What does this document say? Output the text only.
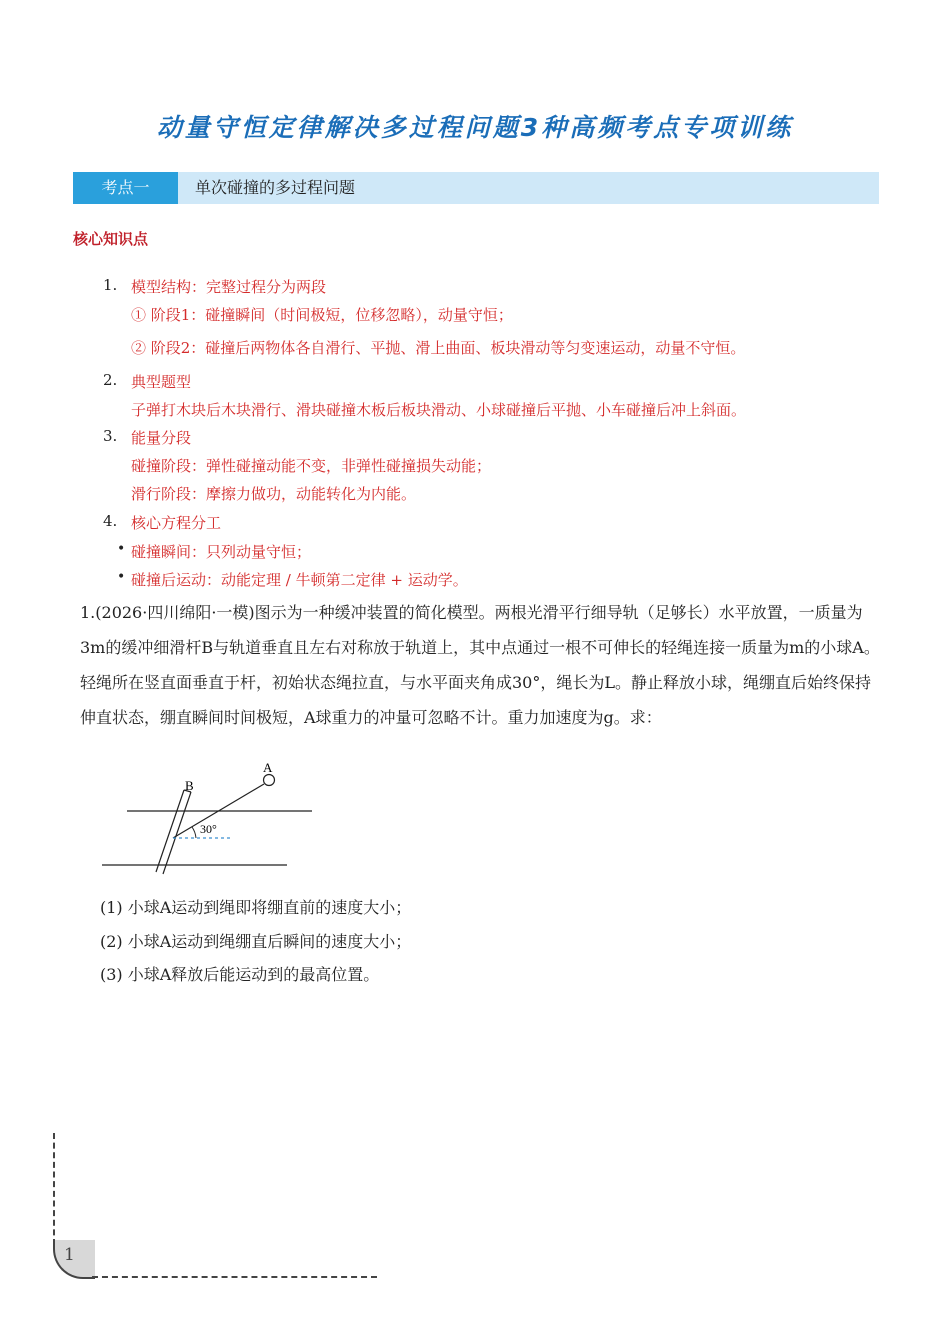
动量守恒定律解决多过程问题3种高频考点专项训练
考点一	单次碰撞的多过程问题
核心知识点
1. 模型结构：完整过程分为两段
① 阶段1：碰撞瞬间（时间极短，位移忽略），动量守恒；
② 阶段2：碰撞后两物体各自滑行、平抛、滑上曲面、板块滑动等匀变速运动，动量不守恒。
2. 典型题型
子弹打木块后木块滑行、滑块碰撞木板后板块滑动、小球碰撞后平抛、小车碰撞后冲上斜面。
3. 能量分段
碰撞阶段：弹性碰撞动能不变，非弹性碰撞损失动能；
滑行阶段：摩擦力做功，动能转化为内能。
4. 核心方程分工
• 碰撞瞬间：只列动量守恒；
• 碰撞后运动：动能定理 / 牛顿第二定律 + 运动学。
1.(2026·四川绵阳·一模)图示为一种缓冲装置的简化模型。两根光滑平行细导轨（足够长）水平放置，一质量为3m的缓冲细滑杆B与轨道垂直且左右对称放于轨道上，其中点通过一根不可伸长的轻绳连接一质量为m的小球A。轻绳所在竖直面垂直于杆，初始状态绳拉直，与水平面夹角成30°，绳长为L。静止释放小球，绳绷直后始终保持伸直状态，绷直瞬间时间极短，A球重力的冲量可忽略不计。重力加速度为g。求：
A
B
30°
(1) 小球A运动到绳即将绷直前的速度大小；
(2) 小球A运动到绳绷直后瞬间的速度大小；
(3) 小球A释放后能运动到的最高位置。
1
